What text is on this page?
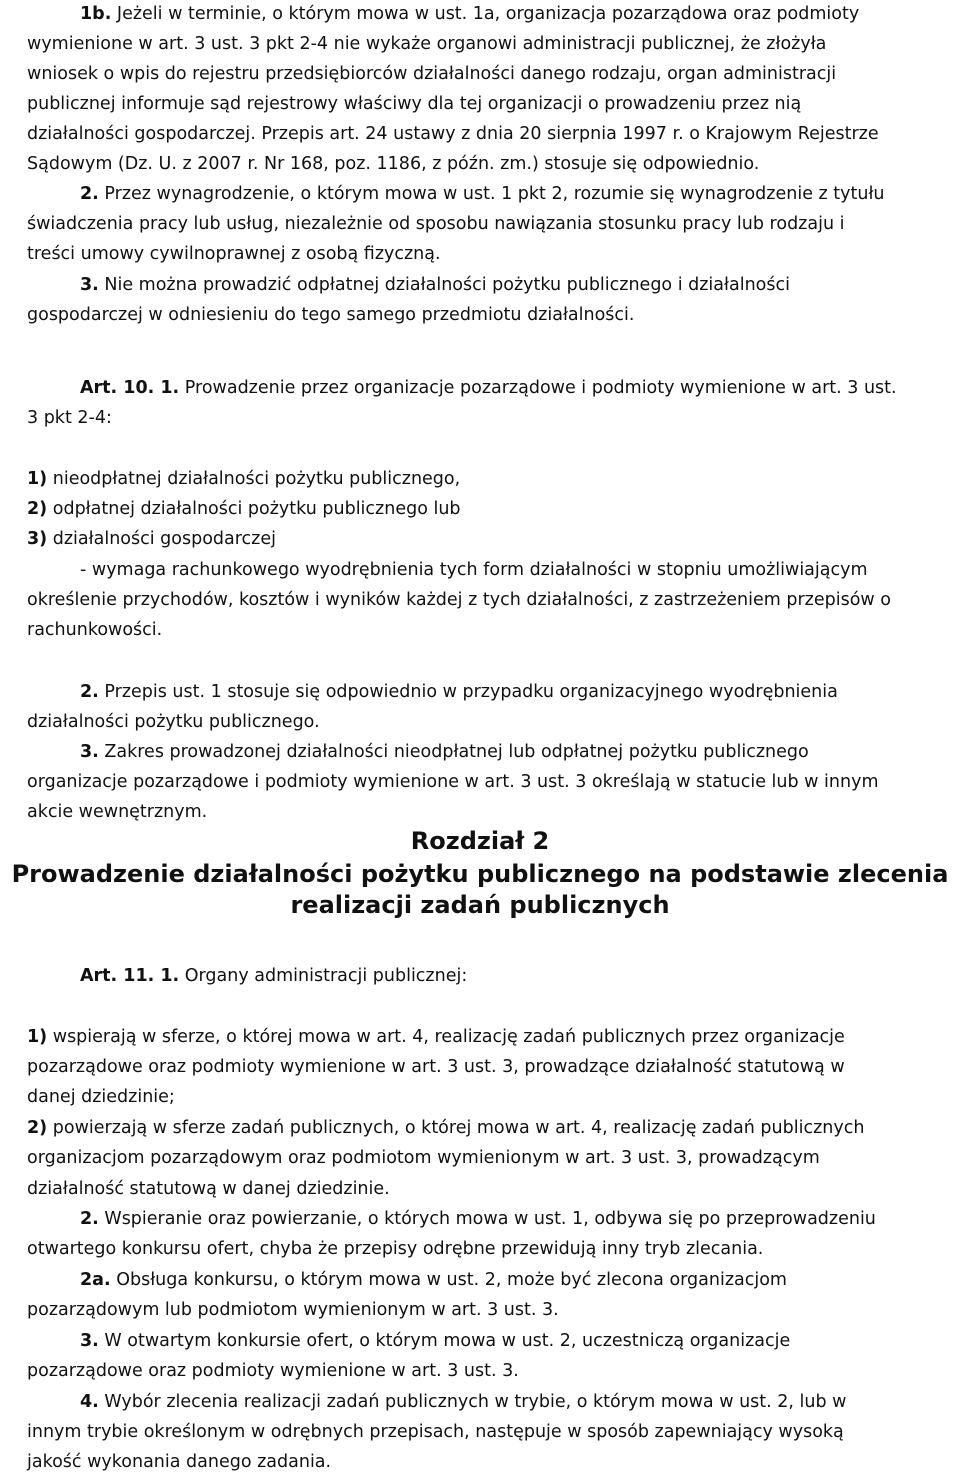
1b. Jeżeli w terminie, o którym mowa w ust. 1a, organizacja pozarządowa oraz podmioty
wymienione w art. 3 ust. 3 pkt 2-4 nie wykaże organowi administracji publicznej, że złożyła
wniosek o wpis do rejestru przedsiębiorców działalności danego rodzaju, organ administracji
publicznej informuje sąd rejestrowy właściwy dla tej organizacji o prowadzeniu przez nią
działalności gospodarczej. Przepis art. 24 ustawy z dnia 20 sierpnia 1997 r. o Krajowym Rejestrze
Sądowym (Dz. U. z 2007 r. Nr 168, poz. 1186, z późn. zm.) stosuje się odpowiednio.
2. Przez wynagrodzenie, o którym mowa w ust. 1 pkt 2, rozumie się wynagrodzenie z tytułu
świadczenia pracy lub usług, niezależnie od sposobu nawiązania stosunku pracy lub rodzaju i
treści umowy cywilnoprawnej z osobą fizyczną.
3. Nie można prowadzić odpłatnej działalności pożytku publicznego i działalności
gospodarczej w odniesieniu do tego samego przedmiotu działalności.
Art. 10. 1. Prowadzenie przez organizacje pozarządowe i podmioty wymienione w art. 3 ust.
3 pkt 2-4:
1) nieodpłatnej działalności pożytku publicznego,
2) odpłatnej działalności pożytku publicznego lub
3) działalności gospodarczej
- wymaga rachunkowego wyodrębnienia tych form działalności w stopniu umożliwiającym
określenie przychodów, kosztów i wyników każdej z tych działalności, z zastrzeżeniem przepisów o
rachunkowości.
2. Przepis ust. 1 stosuje się odpowiednio w przypadku organizacyjnego wyodrębnienia
działalności pożytku publicznego.
3. Zakres prowadzonej działalności nieodpłatnej lub odpłatnej pożytku publicznego
organizacje pozarządowe i podmioty wymienione w art. 3 ust. 3 określają w statucie lub w innym
akcie wewnętrznym.
Rozdział 2
Prowadzenie działalności pożytku publicznego na podstawie zlecenia
realizacji zadań publicznych
Art. 11. 1. Organy administracji publicznej:
1) wspierają w sferze, o której mowa w art. 4, realizację zadań publicznych przez organizacje
pozarządowe oraz podmioty wymienione w art. 3 ust. 3, prowadzące działalność statutową w
danej dziedzinie;
2) powierzają w sferze zadań publicznych, o której mowa w art. 4, realizację zadań publicznych
organizacjom pozarządowym oraz podmiotom wymienionym w art. 3 ust. 3, prowadzącym
działalność statutową w danej dziedzinie.
2. Wspieranie oraz powierzanie, o których mowa w ust. 1, odbywa się po przeprowadzeniu
otwartego konkursu ofert, chyba że przepisy odrębne przewidują inny tryb zlecania.
2a. Obsługa konkursu, o którym mowa w ust. 2, może być zlecona organizacjom
pozarządowym lub podmiotom wymienionym w art. 3 ust. 3.
3. W otwartym konkursie ofert, o którym mowa w ust. 2, uczestniczą organizacje
pozarządowe oraz podmioty wymienione w art. 3 ust. 3.
4. Wybór zlecenia realizacji zadań publicznych w trybie, o którym mowa w ust. 2, lub w
innym trybie określonym w odrębnych przepisach, następuje w sposób zapewniający wysoką
jakość wykonania danego zadania.
